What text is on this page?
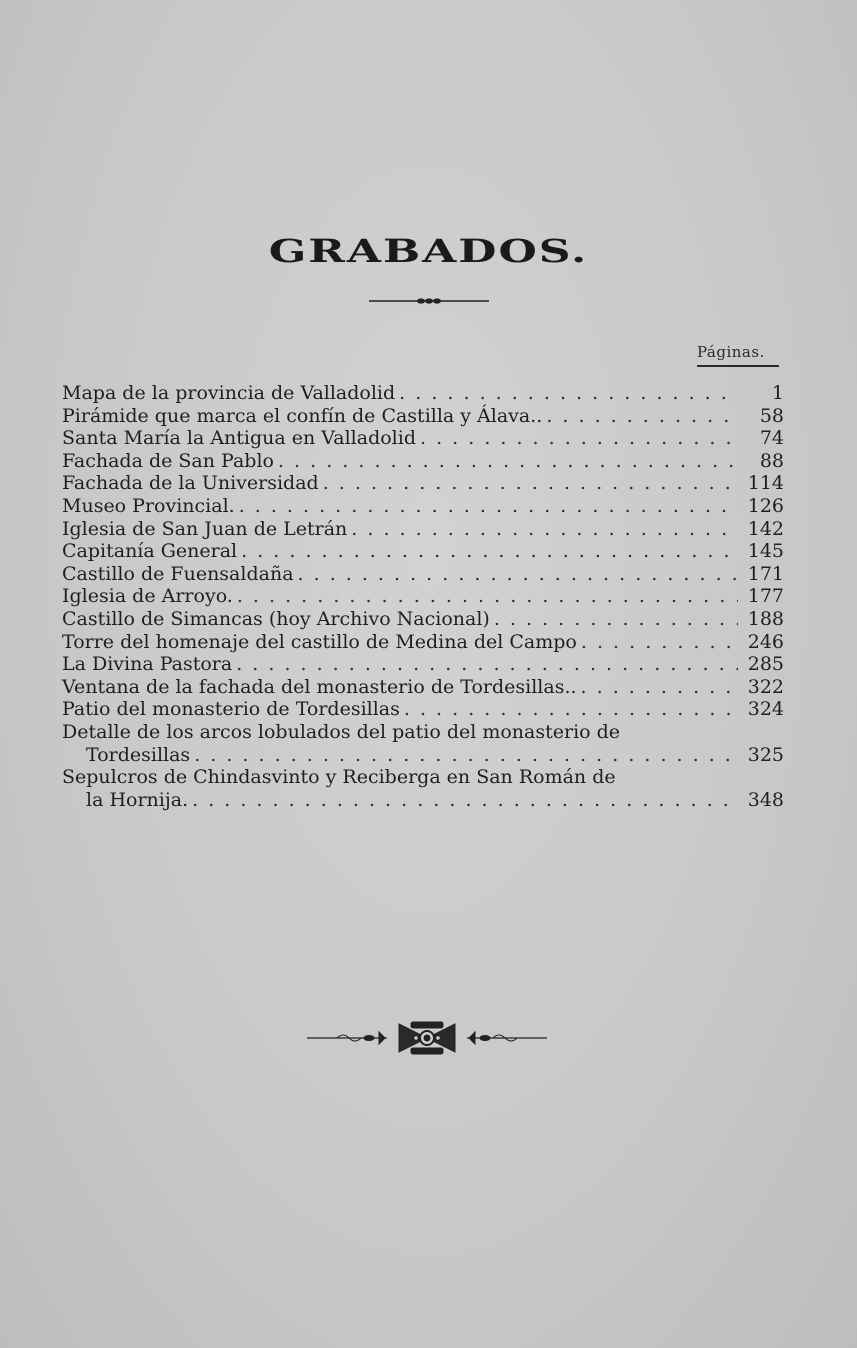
GRABADOS.
Páginas.
Mapa de la provincia de Valladolid . . .	1
Pirámide que marca el confín de Castilla y Álava.. . . .	58
Santa María la Antigua en Valladolid . . .	74
Fachada de San Pablo . . .	88
Fachada de la Universidad . . .	114
Museo Provincial. . . .	126
Iglesia de San Juan de Letrán . . .	142
Capitanía General . . .	145
Castillo de Fuensaldaña . . .	171
Iglesia de Arroyo. . . .	177
Castillo de Simancas (hoy Archivo Nacional) . . .	188
Torre del homenaje del castillo de Medina del Campo . . .	246
La Divina Pastora . . .	285
Ventana de la fachada del monasterio de Tordesillas.. . . .	322
Patio del monasterio de Tordesillas . . .	324
Detalle de los arcos lobulados del patio del monasterio de
Tordesillas . . .	325
Sepulcros de Chindasvinto y Reciberga en San Román de
la Hornija. . . .	348
